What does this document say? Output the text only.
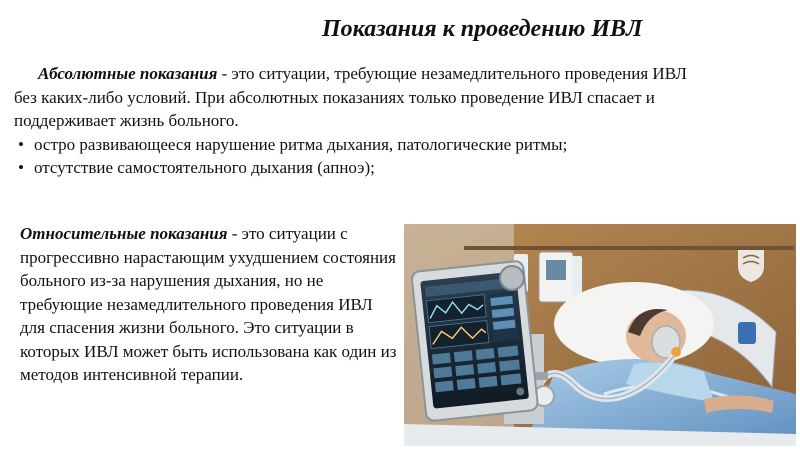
Показания к проведению ИВЛ

Абсолютные показания - это ситуации, требующие незамедлительного проведения ИВЛ без каких-либо условий. При абсолютных показаниях только проведение ИВЛ спасает и поддерживает жизнь больного.

• остро развивающееся нарушение ритма дыхания, патологические ритмы;
• отсутствие самостоятельного дыхания (апноэ);

Относительные показания - это ситуации с прогрессивно нарастающим ухудшением состояния больного из-за нарушения дыхания, но не требующие незамедлительного проведения ИВЛ для спасения жизни больного. Это ситуации в которых ИВЛ может быть использована как один из методов интенсивной терапии.
